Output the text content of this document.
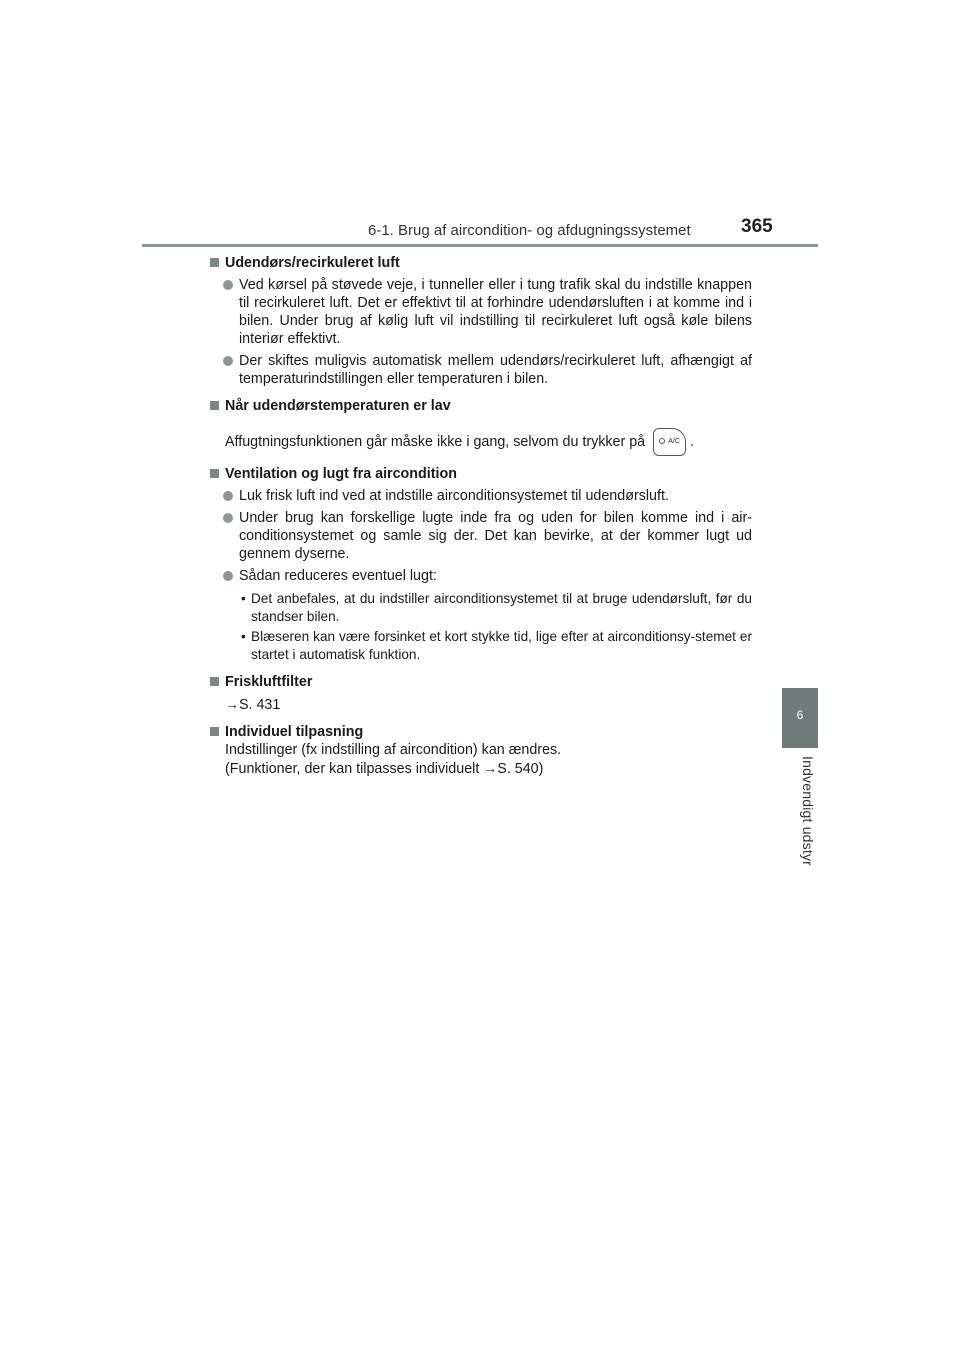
6-1. Brug af aircondition- og afdugningssystemet	365
6
Indvendigt udstyr

Udendørs/recirkuleret luft

Ved kørsel på støvede veje, i tunneller eller i tung trafik skal du indstille knappen til recirkuleret luft. Det er effektivt til at forhindre udendørsluften i at komme ind i bilen. Under brug af kølig luft vil indstilling til recirkuleret luft også køle bilens interiør effektivt.

Der skiftes muligvis automatisk mellem udendørs/recirkuleret luft, afhængigt af temperaturindstillingen eller temperaturen i bilen.

Når udendørstemperaturen er lav

Affugtningsfunktionen går måske ikke i gang, selvom du trykker på	A/C .

Ventilation og lugt fra aircondition

Luk frisk luft ind ved at indstille airconditionsystemet til udendørsluft.

Under brug kan forskellige lugte inde fra og uden for bilen komme ind i air-conditionsystemet og samle sig der. Det kan bevirke, at der kommer lugt ud gennem dyserne.

Sådan reduceres eventuel lugt:

• Det anbefales, at du indstiller airconditionsystemet til at bruge udendørsluft, før du standser bilen.

• Blæseren kan være forsinket et kort stykke tid, lige efter at airconditionsy-stemet er startet i automatisk funktion.

Friskluftfilter

→S. 431

Individuel tilpasning

Indstillinger (fx indstilling af aircondition) kan ændres.

(Funktioner, der kan tilpasses individuelt →S. 540)
